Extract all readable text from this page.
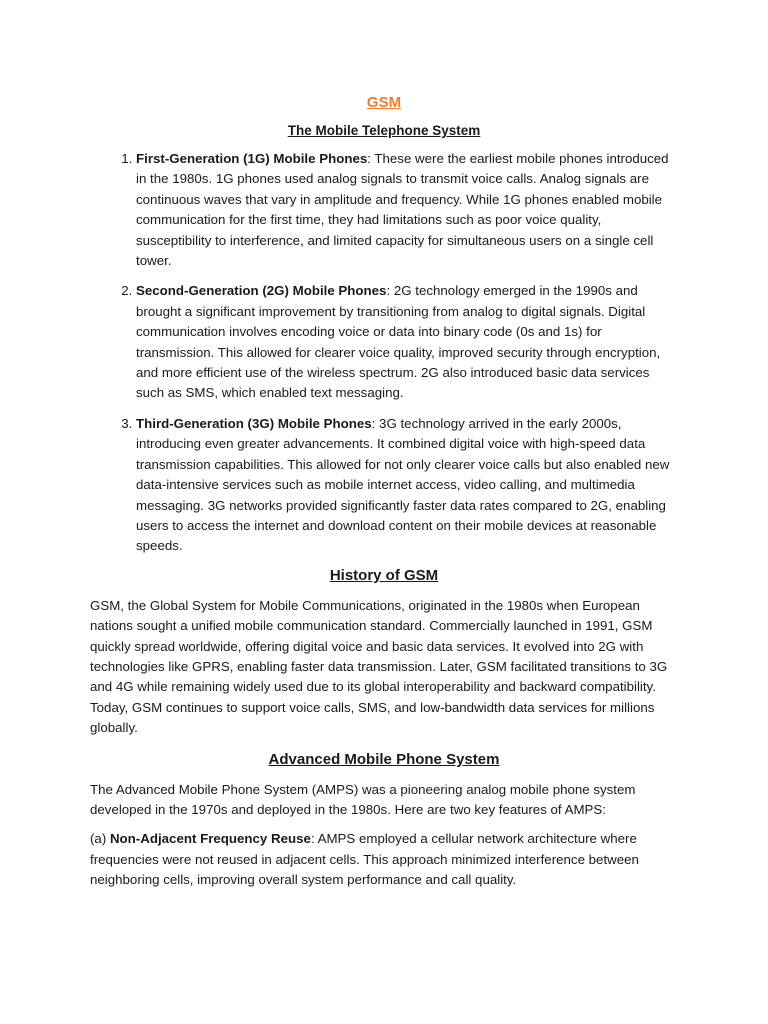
GSM
The Mobile Telephone System
1. First-Generation (1G) Mobile Phones: These were the earliest mobile phones introduced in the 1980s. 1G phones used analog signals to transmit voice calls. Analog signals are continuous waves that vary in amplitude and frequency. While 1G phones enabled mobile communication for the first time, they had limitations such as poor voice quality, susceptibility to interference, and limited capacity for simultaneous users on a single cell tower.
2. Second-Generation (2G) Mobile Phones: 2G technology emerged in the 1990s and brought a significant improvement by transitioning from analog to digital signals. Digital communication involves encoding voice or data into binary code (0s and 1s) for transmission. This allowed for clearer voice quality, improved security through encryption, and more efficient use of the wireless spectrum. 2G also introduced basic data services such as SMS, which enabled text messaging.
3. Third-Generation (3G) Mobile Phones: 3G technology arrived in the early 2000s, introducing even greater advancements. It combined digital voice with high-speed data transmission capabilities. This allowed for not only clearer voice calls but also enabled new data-intensive services such as mobile internet access, video calling, and multimedia messaging. 3G networks provided significantly faster data rates compared to 2G, enabling users to access the internet and download content on their mobile devices at reasonable speeds.
History of GSM

GSM, the Global System for Mobile Communications, originated in the 1980s when European nations sought a unified mobile communication standard. Commercially launched in 1991, GSM quickly spread worldwide, offering digital voice and basic data services. It evolved into 2G with technologies like GPRS, enabling faster data transmission. Later, GSM facilitated transitions to 3G and 4G while remaining widely used due to its global interoperability and backward compatibility. Today, GSM continues to support voice calls, SMS, and low-bandwidth data services for millions globally.

Advanced Mobile Phone System

The Advanced Mobile Phone System (AMPS) was a pioneering analog mobile phone system developed in the 1970s and deployed in the 1980s. Here are two key features of AMPS:

(a) Non-Adjacent Frequency Reuse: AMPS employed a cellular network architecture where frequencies were not reused in adjacent cells. This approach minimized interference between neighboring cells, improving overall system performance and call quality.
